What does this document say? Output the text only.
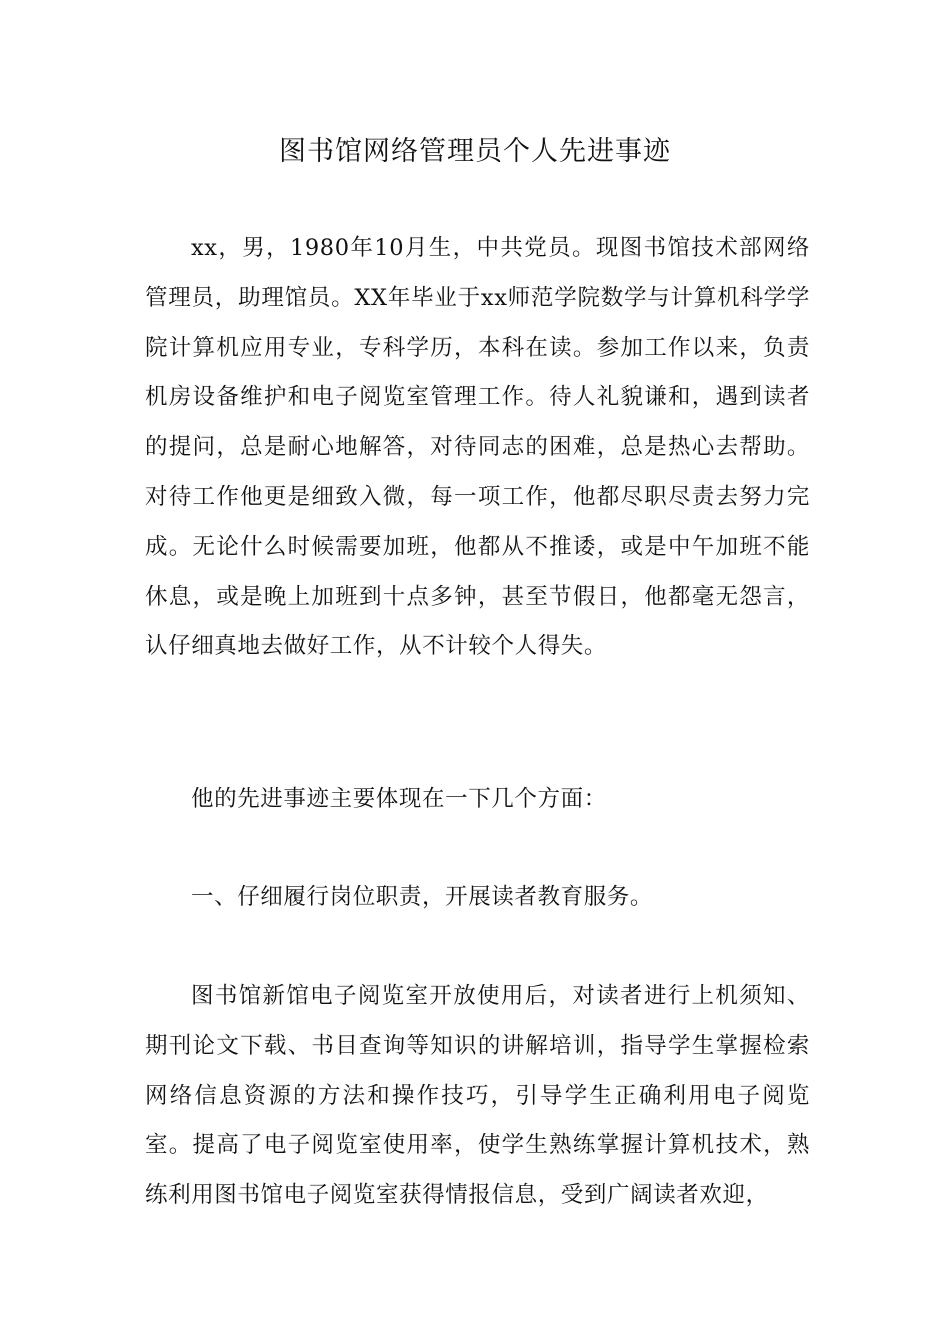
图书馆网络管理员个人先进事迹

xx，男，1980年10月生，中共党员。现图书馆技术部网络管理员，助理馆员。XX年毕业于xx师范学院数学与计算机科学学院计算机应用专业，专科学历，本科在读。参加工作以来，负责机房设备维护和电子阅览室管理工作。待人礼貌谦和，遇到读者的提问，总是耐心地解答，对待同志的困难，总是热心去帮助。对待工作他更是细致入微，每一项工作，他都尽职尽责去努力完成。无论什么时候需要加班，他都从不推诿，或是中午加班不能休息，或是晚上加班到十点多钟，甚至节假日，他都毫无怨言，认仔细真地去做好工作，从不计较个人得失。

他的先进事迹主要体现在一下几个方面：

一、仔细履行岗位职责，开展读者教育服务。

图书馆新馆电子阅览室开放使用后，对读者进行上机须知、期刊论文下载、书目查询等知识的讲解培训，指导学生掌握检索网络信息资源的方法和操作技巧，引导学生正确利用电子阅览室。提高了电子阅览室使用率，使学生熟练掌握计算机技术，熟练利用图书馆电子阅览室获得情报信息，受到广阔读者欢迎，
